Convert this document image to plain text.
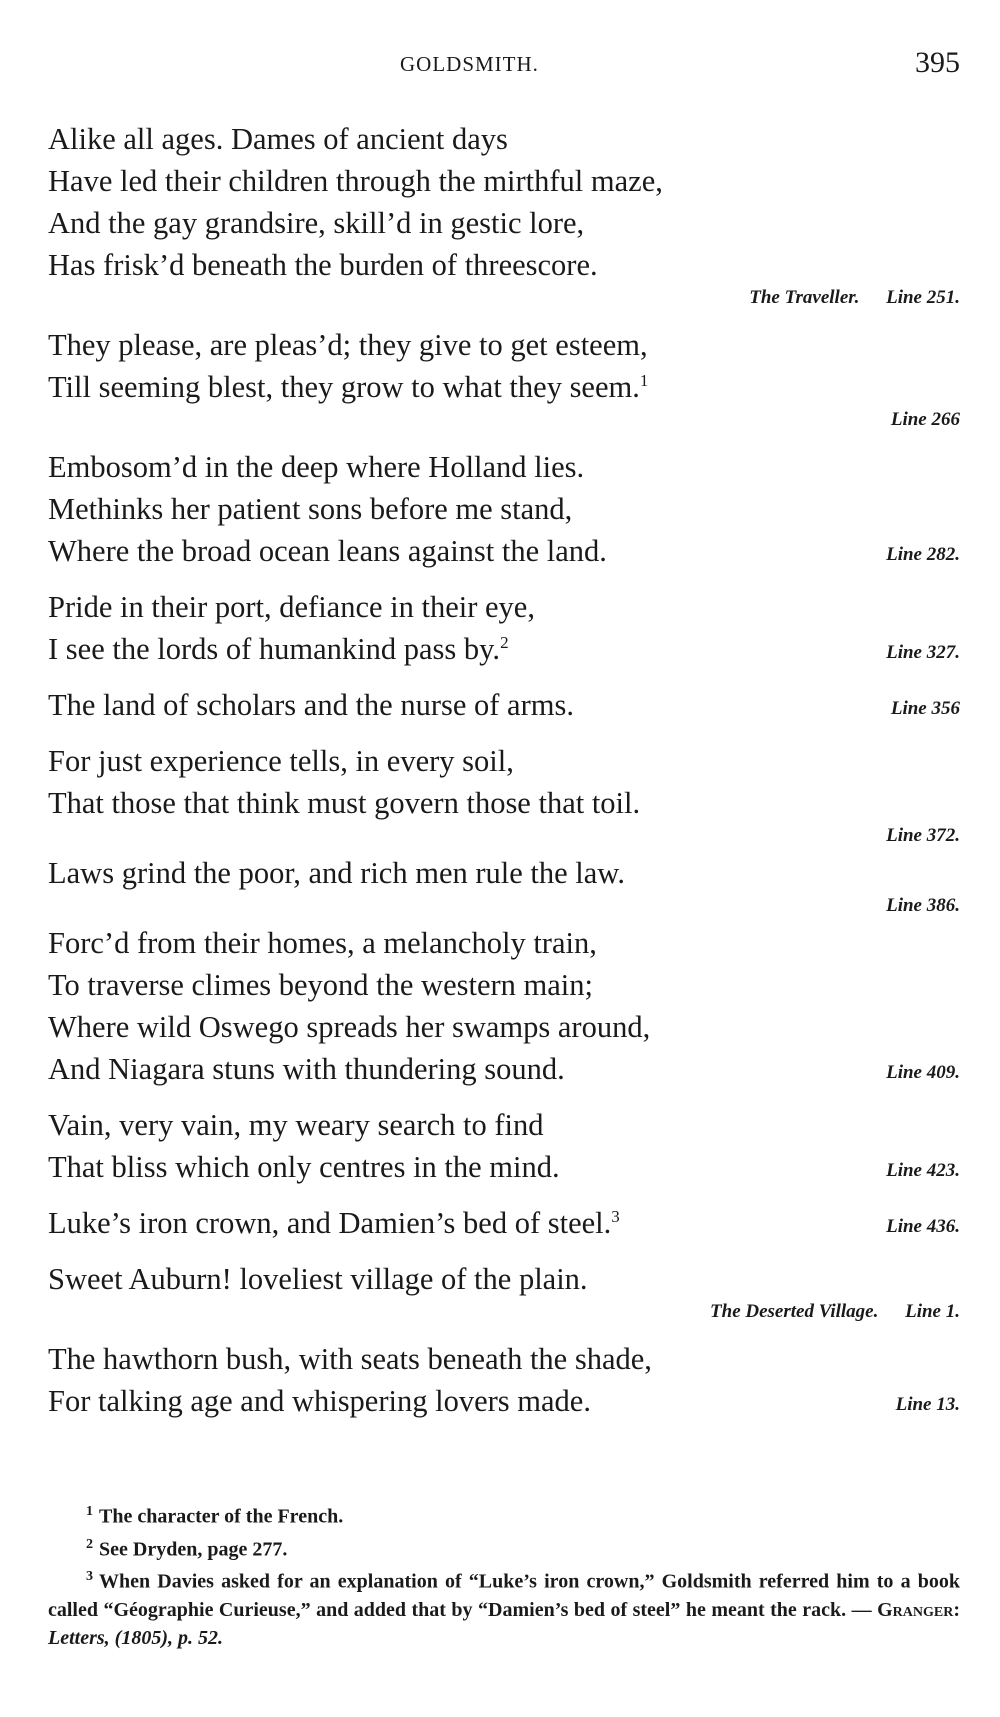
GOLDSMITH.	395
Alike all ages. Dames of ancient days
Have led their children through the mirthful maze,
And the gay grandsire, skill’d in gestic lore,
Has frisk’d beneath the burden of threescore.
The Traveller. Line 251.
They please, are pleas’d; they give to get esteem,
Till seeming blest, they grow to what they seem.$^1$
Line 266
Embosom’d in the deep where Holland lies.
Methinks her patient sons before me stand,
Where the broad ocean leans against the land.	Line 282.
Pride in their port, defiance in their eye,
I see the lords of humankind pass by.$^2$	Line 327.
The land of scholars and the nurse of arms.	Line 356
For just experience tells, in every soil,
That those that think must govern those that toil.
Line 372.
Laws grind the poor, and rich men rule the law.
Line 386.
Forc’d from their homes, a melancholy train,
To traverse climes beyond the western main;
Where wild Oswego spreads her swamps around,
And Niagara stuns with thundering sound.	Line 409.
Vain, very vain, my weary search to find
That bliss which only centres in the mind.	Line 423.
Luke’s iron crown, and Damien’s bed of steel.$^3$	Line 436.
Sweet Auburn! loveliest village of the plain.
The Deserted Village. Line 1.
The hawthorn bush, with seats beneath the shade,
For talking age and whispering lovers made.	Line 13.
$^1$ The character of the French.
$^2$ See Dryden, page 277.
$^3$ When Davies asked for an explanation of “Luke’s iron crown,” Goldsmith referred him to a book called “Géographie Curieuse,” and added that by “Damien’s bed of steel” he meant the rack. — Granger: Letters, (1805), p. 52.
